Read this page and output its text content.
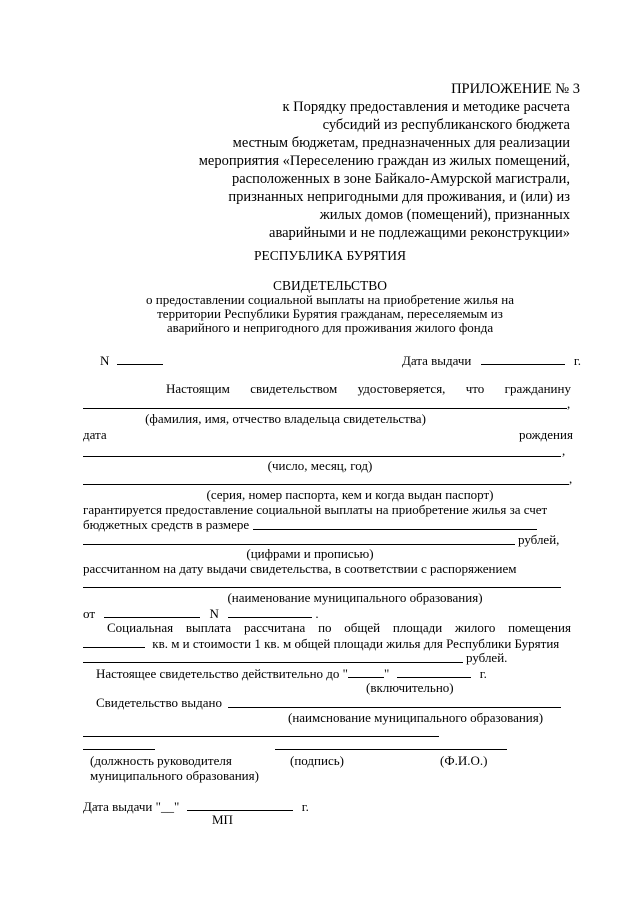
ПРИЛОЖЕНИЕ № 3
к Порядку предоставления и методике расчета
субсидий из республиканского бюджета
местным бюджетам, предназначенных для реализации
мероприятия «Переселению граждан из жилых помещений,
расположенных в зоне Байкало-Амурской магистрали,
признанных непригодными для проживания, и (или) из
жилых домов (помещений), признанных
аварийными и не подлежащими реконструкции»
РЕСПУБЛИКА БУРЯТИЯ
СВИДЕТЕЛЬСТВО
о предоставлении социальной выплаты на приобретение жилья на
территории Республики Бурятия гражданам, переселяемым из
аварийного и непригодного для проживания жилого фонда
N	Дата выдачи	г.
Настоящим свидетельством удостоверяется, что гражданину
,
(фамилия, имя, отчество владельца свидетельства)
дата	рождения
,
(число, месяц, год)
,
(серия, номер паспорта, кем и когда выдан паспорт)
гарантируется предоставление социальной выплаты на приобретение жилья за счет
бюджетных средств в размере
рублей,
(цифрами и прописью)
рассчитанном на дату выдачи свидетельства, в соответствии с распоряжением
(наименование муниципального образования)
от	N	.
Социальная выплата рассчитана по общей площади жилого помещения
кв. м и стоимости 1 кв. м общей площади жилья для Республики Бурятия
рублей.
Настоящее свидетельство действительно до "	"	г.
(включительно)
Свидетельство выдано
(наимснование муниципального образования)
(должность руководителя	(подпись)	(Ф.И.О.)
муниципального образования)
Дата выдачи "__"	г.
МП
